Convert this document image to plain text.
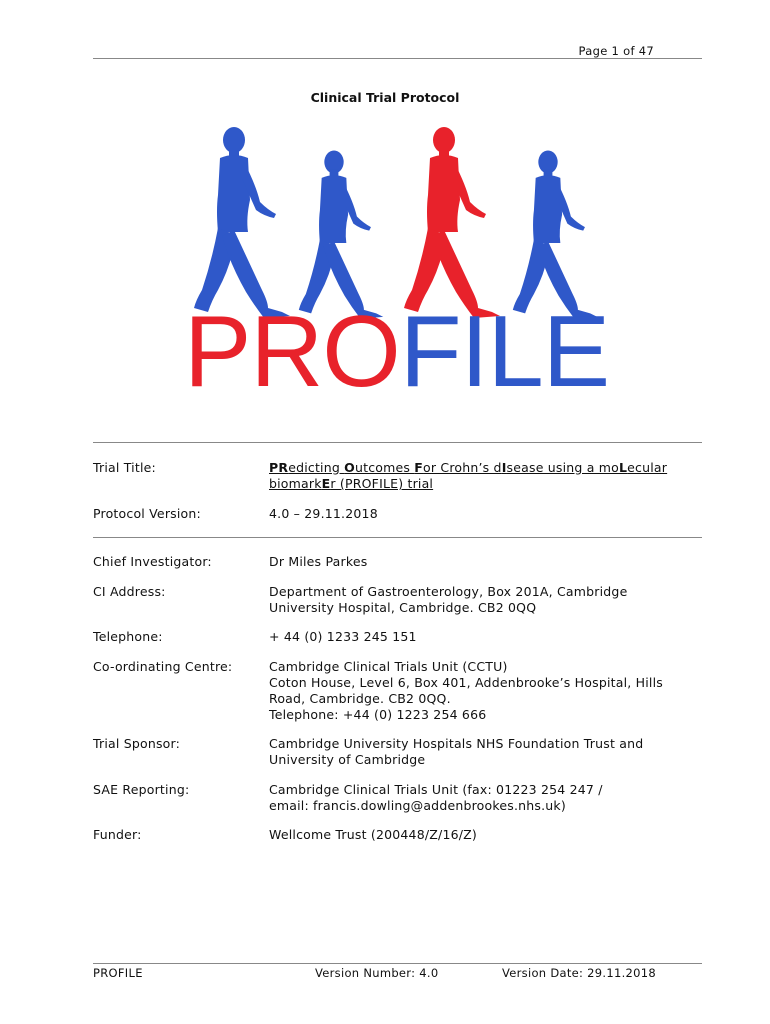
Page 1 of 47
Clinical Trial Protocol
PROFILE
Trial Title:	PRedicting Outcomes For Crohn’s dIsease using a moLecular
biomarkEr (PROFILE) trial
Protocol Version:	4.0 – 29.11.2018
Chief Investigator:	Dr Miles Parkes
CI Address:	Department of Gastroenterology, Box 201A, Cambridge
University Hospital, Cambridge. CB2 0QQ
Telephone:	+ 44 (0) 1233 245 151
Co-ordinating Centre:	Cambridge Clinical Trials Unit (CCTU)
Coton House, Level 6, Box 401, Addenbrooke’s Hospital, Hills
Road, Cambridge. CB2 0QQ.
Telephone: +44 (0) 1223 254 666
Trial Sponsor:	Cambridge University Hospitals NHS Foundation Trust and
University of Cambridge
SAE Reporting:	Cambridge Clinical Trials Unit (fax: 01223 254 247 /
email: francis.dowling@addenbrookes.nhs.uk)
Funder:	Wellcome Trust (200448/Z/16/Z)
PROFILE	Version Number: 4.0	Version Date: 29.11.2018
